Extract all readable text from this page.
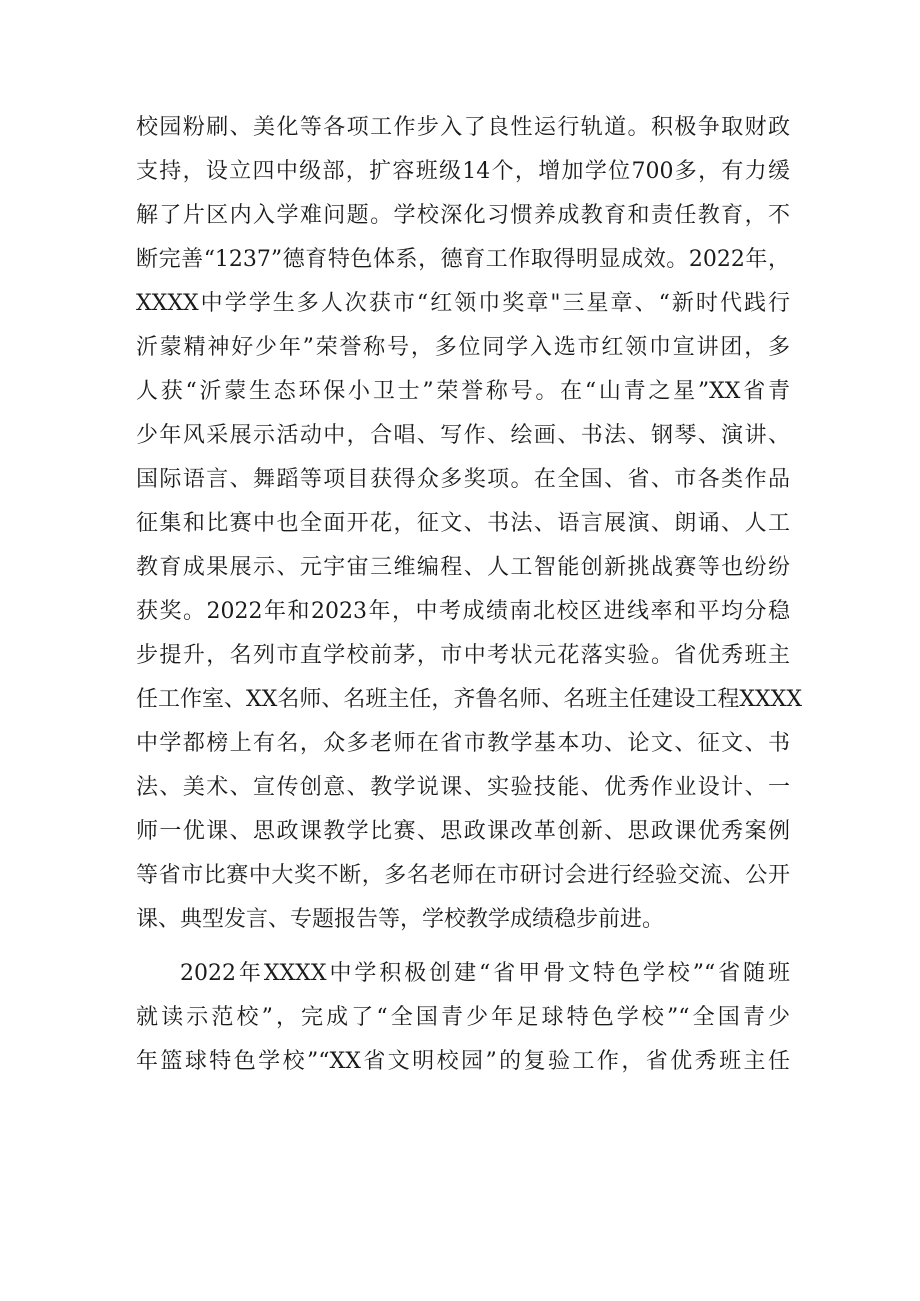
校园粉刷、美化等各项工作步入了良性运行轨道。积极争取财政
支持，设立四中级部，扩容班级14个，增加学位700多，有力缓
解了片区内入学难问题。学校深化习惯养成教育和责任教育，不
断完善“1237”德育特色体系，德育工作取得明显成效。2022年，
XXXX中学学生多人次获市“红领巾奖章"三星章、“新时代践行
沂蒙精神好少年”荣誉称号，多位同学入选市红领巾宣讲团，多
人获“沂蒙生态环保小卫士”荣誉称号。在“山青之星”XX省青
少年风采展示活动中，合唱、写作、绘画、书法、钢琴、演讲、
国际语言、舞蹈等项目获得众多奖项。在全国、省、市各类作品
征集和比赛中也全面开花，征文、书法、语言展演、朗诵、人工
教育成果展示、元宇宙三维编程、人工智能创新挑战赛等也纷纷
获奖。2022年和2023年，中考成绩南北校区进线率和平均分稳
步提升，名列市直学校前茅，市中考状元花落实验。省优秀班主
任工作室、XX名师、名班主任，齐鲁名师、名班主任建设工程XXXX
中学都榜上有名，众多老师在省市教学基本功、论文、征文、书
法、美术、宣传创意、教学说课、实验技能、优秀作业设计、一
师一优课、思政课教学比赛、思政课改革创新、思政课优秀案例
等省市比赛中大奖不断，多名老师在市研讨会进行经验交流、公开
课、典型发言、专题报告等，学校教学成绩稳步前进。
2022年XXXX中学积极创建“省甲骨文特色学校”“省随班
就读示范校”，完成了“全国青少年足球特色学校”“全国青少
年篮球特色学校”“XX省文明校园”的复验工作，省优秀班主任
